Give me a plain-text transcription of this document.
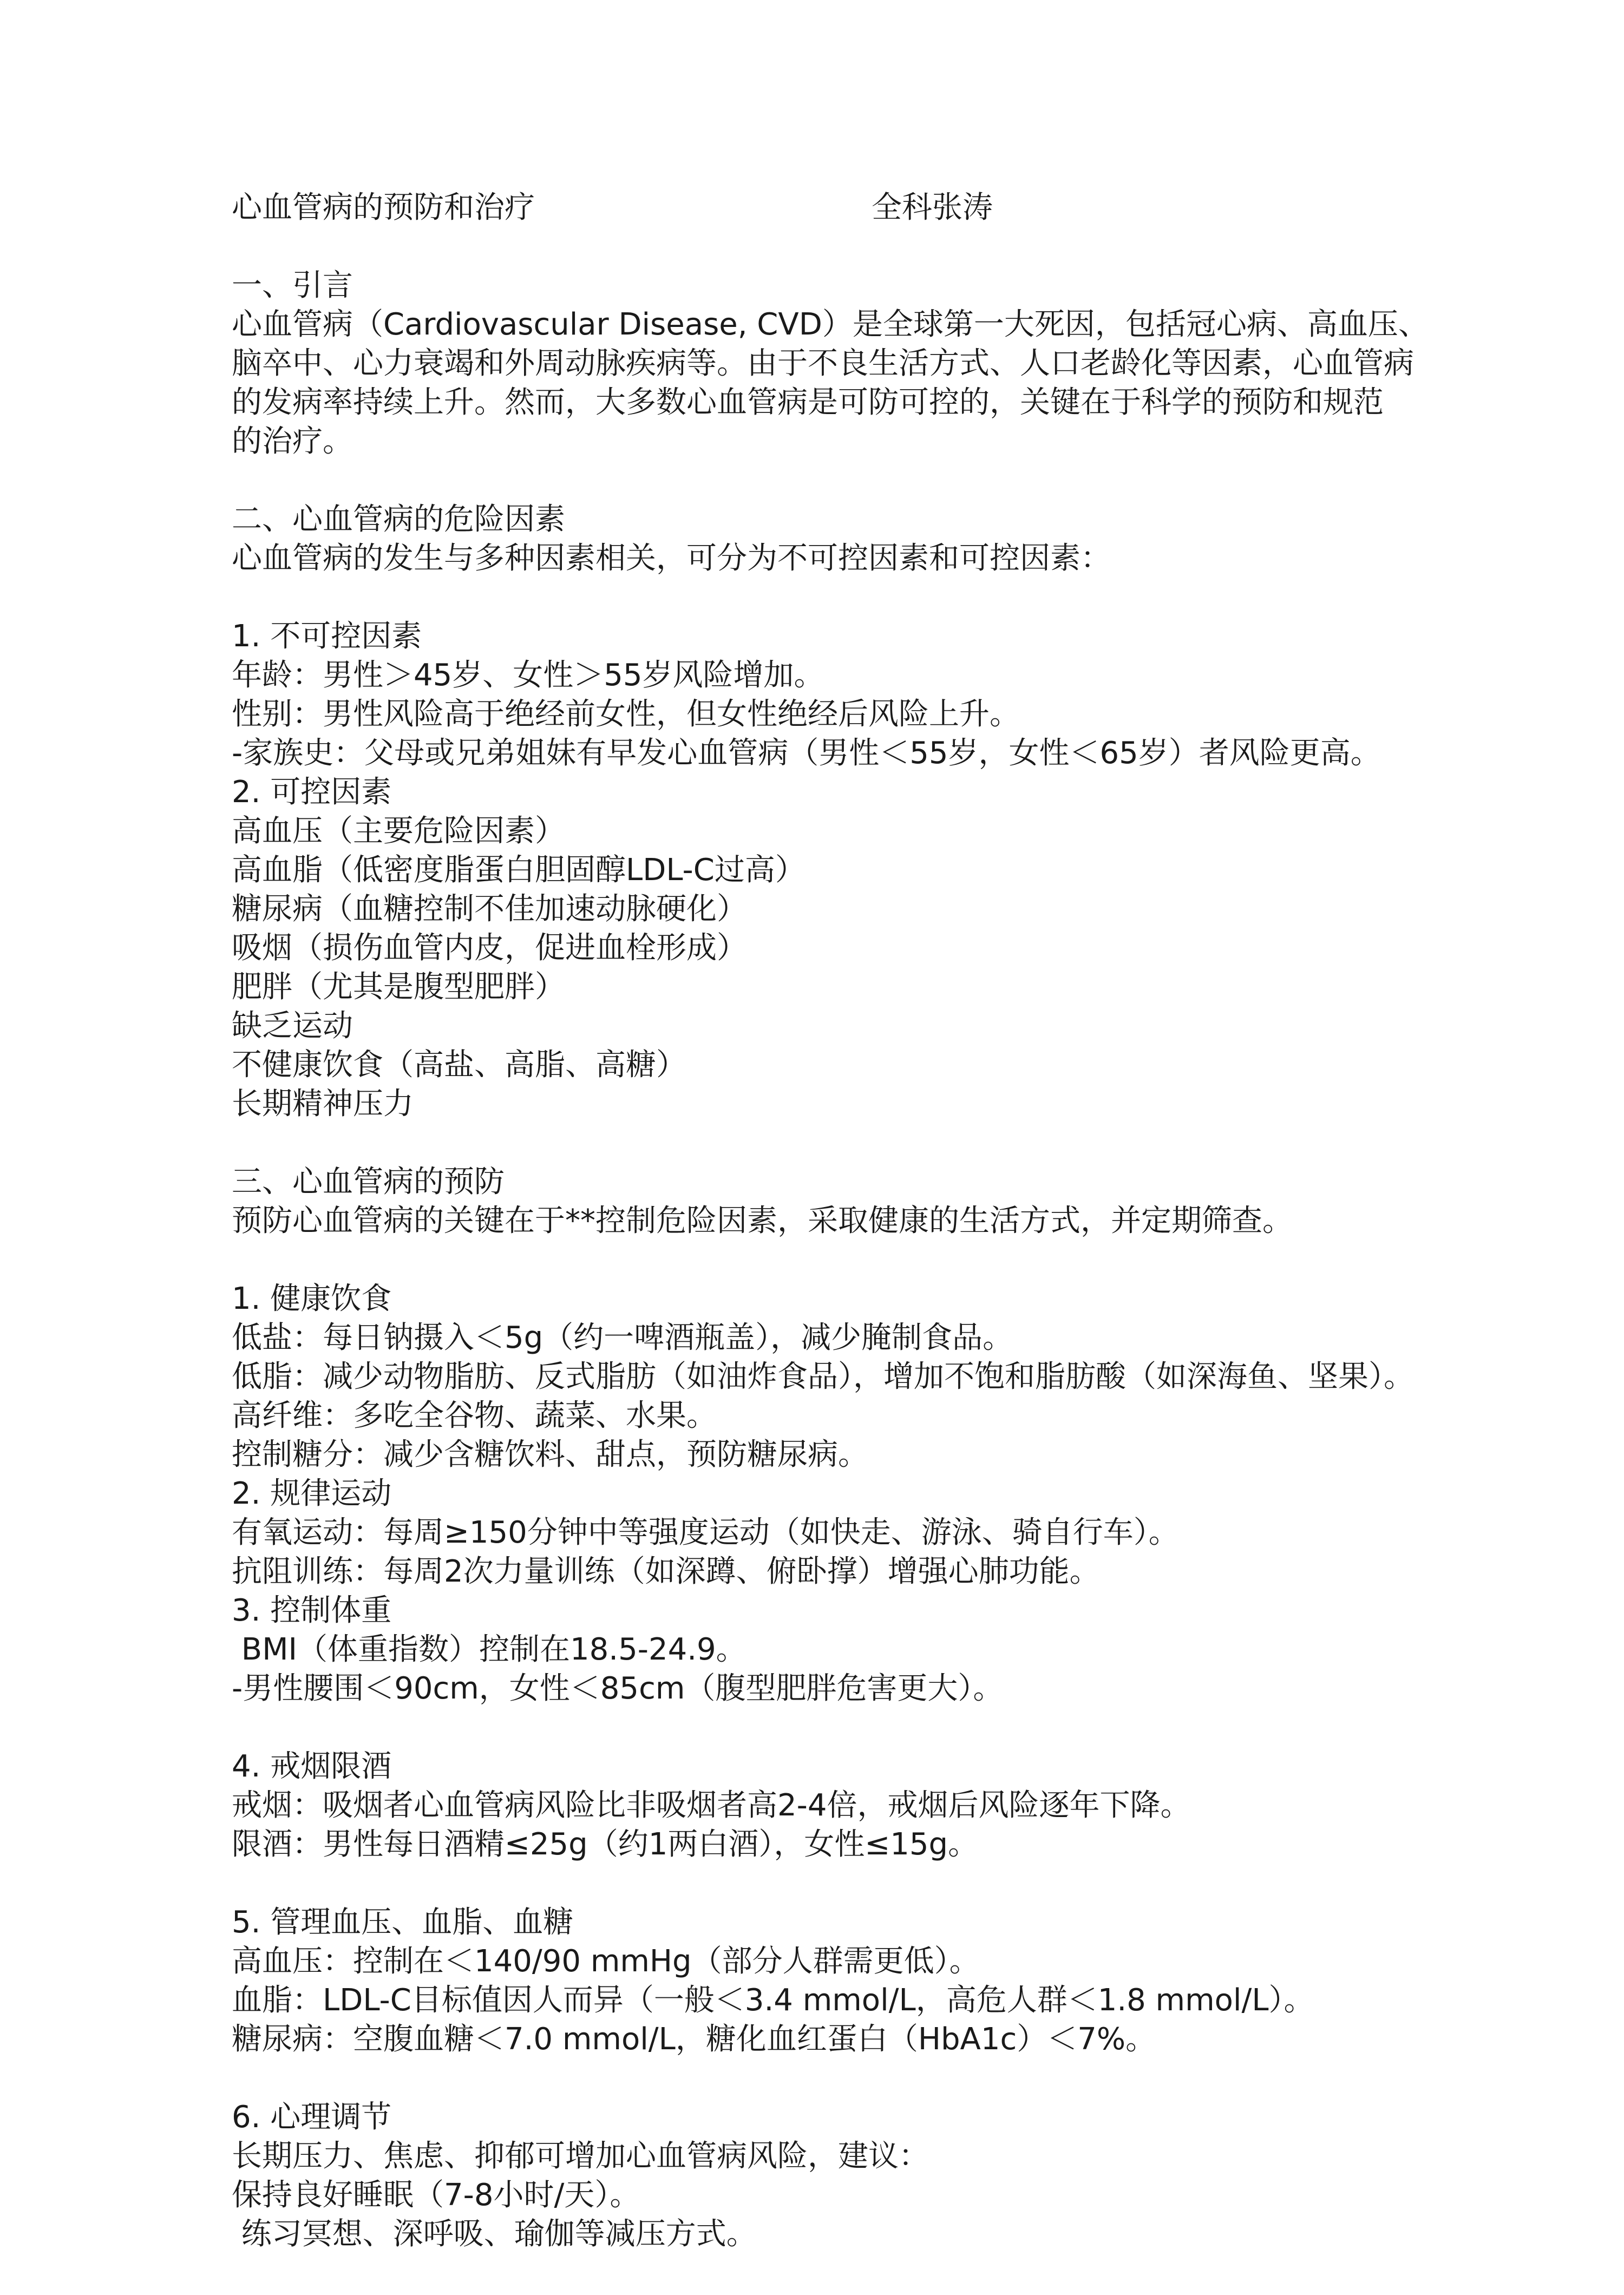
全科张涛
心血管病的预防和治疗
一、引言
心血管病（Cardiovascular Disease, CVD）是全球第一大死因，包括冠心病、高血压、
脑卒中、心力衰竭和外周动脉疾病等。由于不良生活方式、人口老龄化等因素，心血管病
的发病率持续上升。然而，大多数心血管病是可防可控的，关键在于科学的预防和规范
的治疗。
二、心血管病的危险因素
心血管病的发生与多种因素相关，可分为不可控因素和可控因素：
1. 不可控因素
年龄：男性＞45岁、女性＞55岁风险增加。
性别：男性风险高于绝经前女性，但女性绝经后风险上升。
-家族史：父母或兄弟姐妹有早发心血管病（男性＜55岁，女性＜65岁）者风险更高。
2. 可控因素
高血压（主要危险因素）
高血脂（低密度脂蛋白胆固醇LDL-C过高）
糖尿病（血糖控制不佳加速动脉硬化）
吸烟（损伤血管内皮，促进血栓形成）
肥胖（尤其是腹型肥胖）
缺乏运动
不健康饮食（高盐、高脂、高糖）
长期精神压力
三、心血管病的预防
预防心血管病的关键在于**控制危险因素，采取健康的生活方式，并定期筛查。
1. 健康饮食
低盐：每日钠摄入＜5g（约一啤酒瓶盖），减少腌制食品。
低脂：减少动物脂肪、反式脂肪（如油炸食品），增加不饱和脂肪酸（如深海鱼、坚果）。
高纤维：多吃全谷物、蔬菜、水果。
控制糖分：减少含糖饮料、甜点，预防糖尿病。
2. 规律运动
有氧运动：每周≥150分钟中等强度运动（如快走、游泳、骑自行车）。
抗阻训练：每周2次力量训练（如深蹲、俯卧撑）增强心肺功能。
3. 控制体重
BMI（体重指数）控制在18.5-24.9。
-男性腰围＜90cm，女性＜85cm（腹型肥胖危害更大）。
4. 戒烟限酒
戒烟：吸烟者心血管病风险比非吸烟者高2-4倍，戒烟后风险逐年下降。
限酒：男性每日酒精≤25g（约1两白酒），女性≤15g。
5. 管理血压、血脂、血糖
高血压：控制在＜140/90 mmHg（部分人群需更低）。
血脂：LDL-C目标值因人而异（一般＜3.4 mmol/L，高危人群＜1.8 mmol/L）。
糖尿病：空腹血糖＜7.0 mmol/L，糖化血红蛋白（HbA1c）＜7%。
6. 心理调节
长期压力、焦虑、抑郁可增加心血管病风险，建议：
保持良好睡眠（7-8小时/天）。
练习冥想、深呼吸、瑜伽等减压方式。
